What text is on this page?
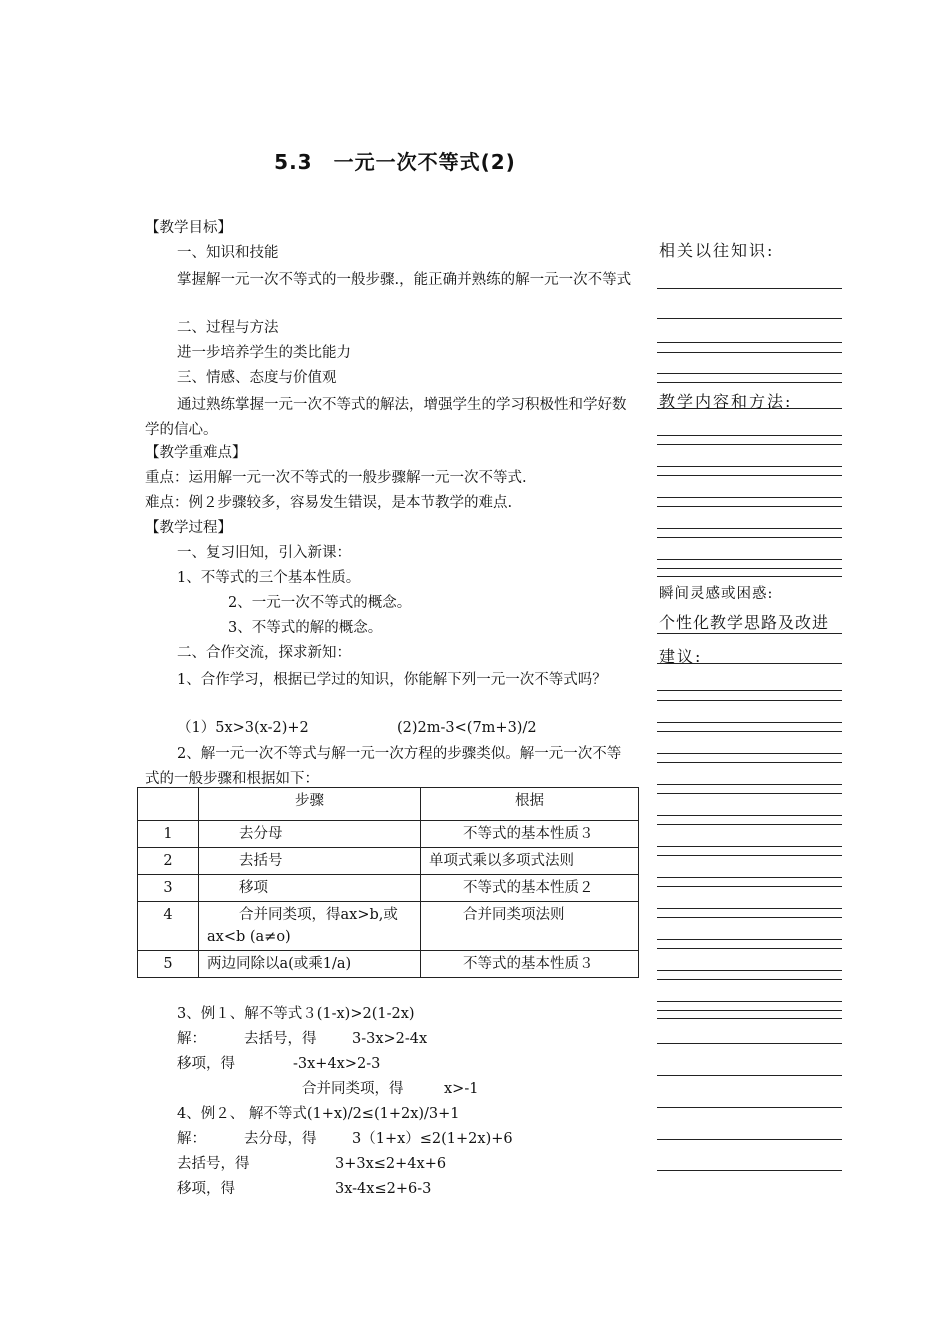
5.3　一元一次不等式(2)
【教学目标】
一、知识和技能
掌握解一元一次不等式的一般步骤.，能正确并熟练的解一元一次不等式
二、过程与方法
进一步培养学生的类比能力
三、情感、态度与价值观
通过熟练掌握一元一次不等式的解法，增强学生的学习积极性和学好数学的信心。
【教学重难点】
重点：运用解一元一次不等式的一般步骤解一元一次不等式.
难点：例２步骤较多，容易发生错误，是本节教学的难点.
【教学过程】
一、复习旧知，引入新课：
1、不等式的三个基本性质。
2、一元一次不等式的概念。
3、不等式的解的概念。
二、合作交流，探求新知：
1、合作学习，根据已学过的知识，你能解下列一元一次不等式吗？
（1）5x>3(x-2)+2	(2)2m-3<(7m+3)/2
2、解一元一次不等式与解一元一次方程的步骤类似。解一元一次不等式的一般步骤和根据如下：
	步骤	根据
1	去分母	不等式的基本性质３
2	去括号	单项式乘以多项式法则
3	移项	不等式的基本性质２
4	合并同类项，得ax>b,或ax<b (a≠o)	合并同类项法则
5	两边同除以a(或乘1/a)	不等式的基本性质３
3、例１、解不等式３(1-x)>2(1-2x)
解：	去括号，得 3-3x>2-4x
移项，得	-3x+4x>2-3
合并同类项，得	x>-1
4、例２、 解不等式(1+x)/2≤(1+2x)/3+1
解：	去分母，得 3（1+x）≤2(1+2x)+6
去括号，得	3+3x≤2+4x+6
移项，得	3x-4x≤2+6-3
相关以往知识:
教学内容和方法:
瞬间灵感或困惑:
个性化教学思路及改进
建议:
